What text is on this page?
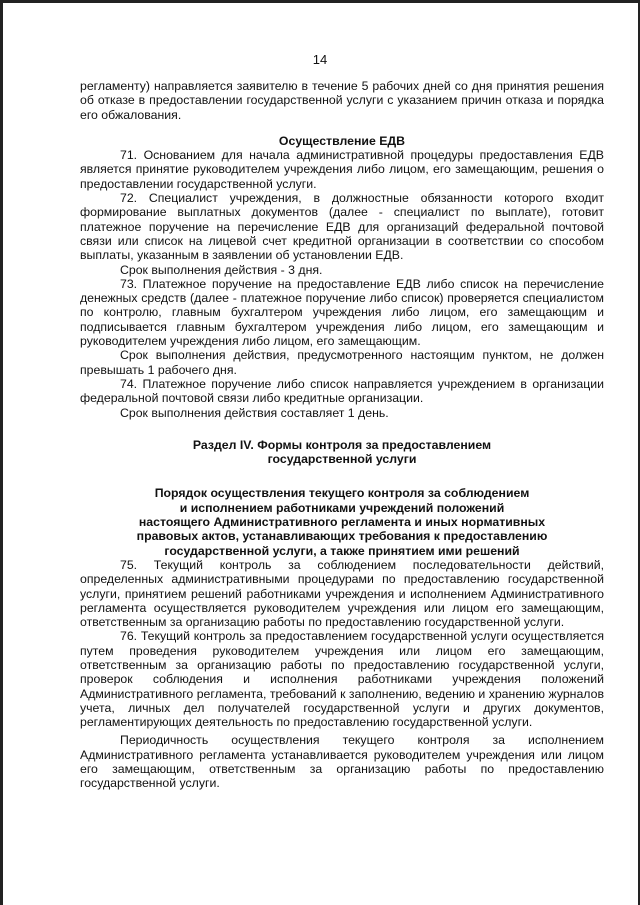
14

регламенту) направляется заявителю в течение 5 рабочих дней со дня принятия решения об отказе в предоставлении государственной услуги с указанием причин отказа и порядка его обжалования.

Осуществление ЕДВ

71. Основанием для начала административной процедуры предоставления ЕДВ является принятие руководителем учреждения либо лицом, его замещающим, решения о предоставлении государственной услуги.

72. Специалист учреждения, в должностные обязанности которого входит формирование выплатных документов (далее - специалист по выплате), готовит платежное поручение на перечисление ЕДВ для организаций федеральной почтовой связи или список на лицевой счет кредитной организации в соответствии со способом выплаты, указанным в заявлении об установлении ЕДВ.

Срок выполнения действия - 3 дня.

73. Платежное поручение на предоставление ЕДВ либо список на перечисление денежных средств (далее - платежное поручение либо список) проверяется специалистом по контролю, главным бухгалтером учреждения либо лицом, его замещающим и подписывается главным бухгалтером учреждения либо лицом, его замещающим и руководителем учреждения либо лицом, его замещающим.

Срок выполнения действия, предусмотренного настоящим пунктом, не должен превышать 1 рабочего дня.

74. Платежное поручение либо список направляется учреждением в организации федеральной почтовой связи либо кредитные организации.

Срок выполнения действия составляет 1 день.

Раздел IV. Формы контроля за предоставлением
государственной услуги
Порядок осуществления текущего контроля за соблюдением
и исполнением работниками учреждений положений
настоящего Административного регламента и иных нормативных
правовых актов, устанавливающих требования к предоставлению
государственной услуги, а также принятием ими решений

75. Текущий контроль за соблюдением последовательности действий, определенных административными процедурами по предоставлению государственной услуги, принятием решений работниками учреждения и исполнением Административного регламента осуществляется руководителем учреждения или лицом его замещающим, ответственным за организацию работы по предоставлению государственной услуги.

76. Текущий контроль за предоставлением государственной услуги осуществляется путем проведения руководителем учреждения или лицом его замещающим, ответственным за организацию работы по предоставлению государственной услуги, проверок соблюдения и исполнения работниками учреждения положений Административного регламента, требований к заполнению, ведению и хранению журналов учета, личных дел получателей государственной услуги и других документов, регламентирующих деятельность по предоставлению государственной услуги.

Периодичность осуществления текущего контроля за исполнением Административного регламента устанавливается руководителем учреждения или лицом его замещающим, ответственным за организацию работы по предоставлению государственной услуги.
